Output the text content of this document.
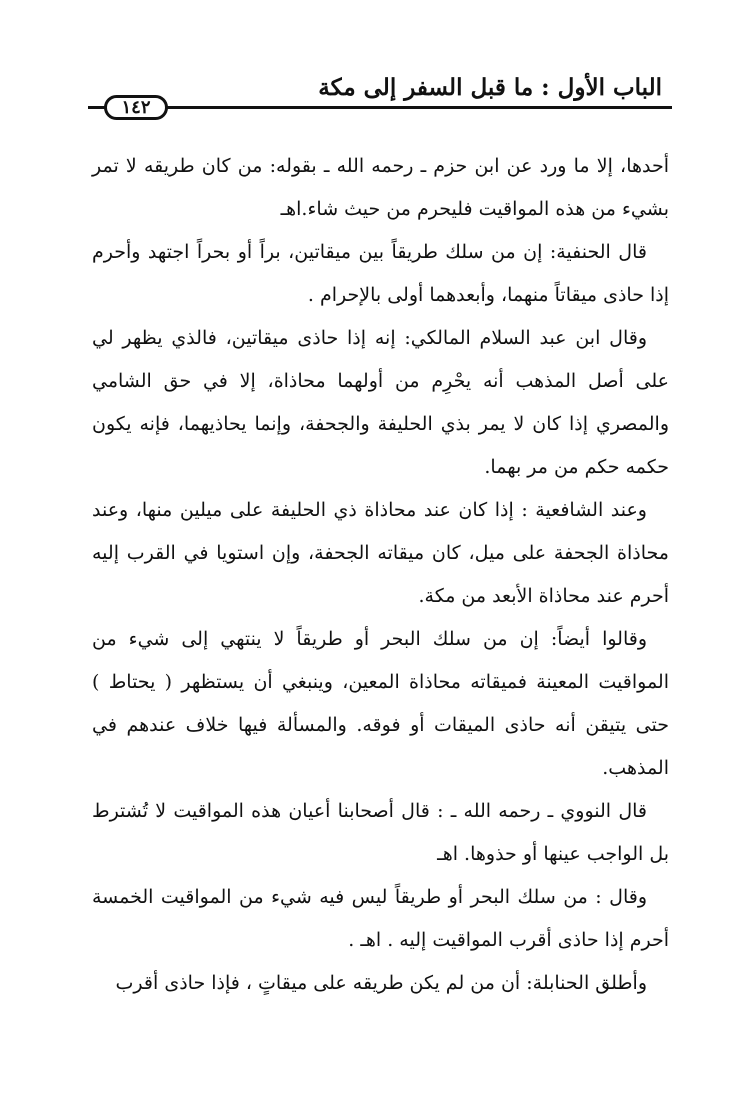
الباب الأول : ما قبل السفر إلى مكة
١٤٢

أحدها، إلا ما ورد عن ابن حزم ـ رحمه الله ـ بقوله: من كان طريقه لا تمر بشيء من هذه المواقيت فليحرم من حيث شاء.اهـ

قال الحنفية: إن من سلك طريقاً بين ميقاتين، براً أو بحراً اجتهد وأحرم إذا حاذى ميقاتاً منهما، وأبعدهما أولى بالإحرام .

وقال ابن عبد السلام المالكي: إنه إذا حاذى ميقاتين، فالذي يظهر لي على أصل المذهب أنه يحْرِم من أولهما محاذاة، إلا في حق الشامي والمصري إذا كان لا يمر بذي الحليفة والجحفة، وإنما يحاذيهما، فإنه يكون حكمه حكم من مر بهما.

وعند الشافعية : إذا كان عند محاذاة ذي الحليفة على ميلين منها، وعند محاذاة الجحفة على ميل، كان ميقاته الجحفة، وإن استويا في القرب إليه أحرم عند محاذاة الأبعد من مكة.

وقالوا أيضاً: إن من سلك البحر أو طريقاً لا ينتهي إلى شيء من المواقيت المعينة فميقاته محاذاة المعين، وينبغي أن يستظهر ( يحتاط ) حتى يتيقن أنه حاذى الميقات أو فوقه. والمسألة فيها خلاف عندهم في المذهب.

قال النووي ـ رحمه الله ـ : قال أصحابنا أعيان هذه المواقيت لا تُشترط بل الواجب عينها أو حذوها. اهـ

وقال : من سلك البحر أو طريقاً ليس فيه شيء من المواقيت الخمسة أحرم إذا حاذى أقرب المواقيت إليه . اهـ .

وأطلق الحنابلة: أن من لم يكن طريقه على ميقاتٍ ، فإذا حاذى أقرب
